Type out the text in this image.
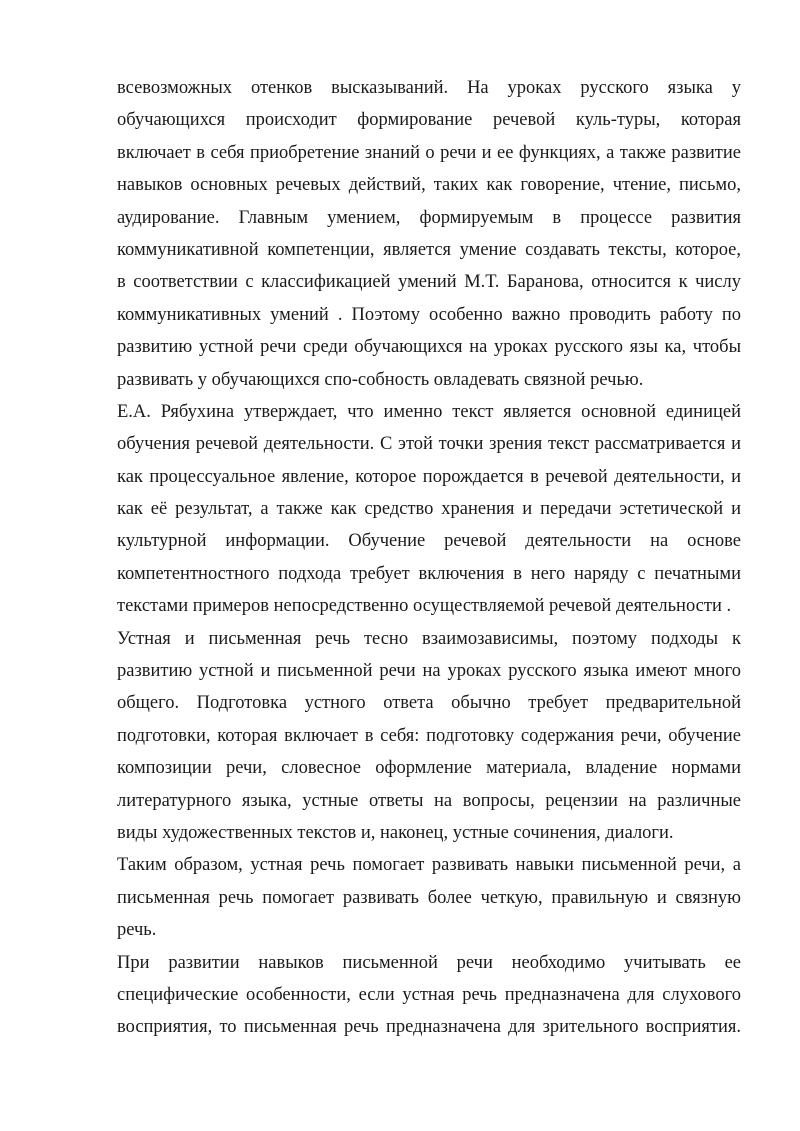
всевозможных отенков высказываний. На уроках русского языка у
обучающихся происходит формирование речевой куль-туры, которая
включает в себя приобретение знаний о речи и ее функциях, а также развитие
навыков основных речевых действий, таких как говорение, чтение, письмо,
аудирование. Главным умением, формируемым в процессе развития
коммуникативной компетенции, является умение создавать тексты, которое,
в соответствии с классификацией умений М.Т. Баранова, относится к числу
коммуникативных умений . Поэтому особенно важно проводить работу по
развитию устной речи среди обучающихся на уроках русского язы ка, чтобы
развивать у обучающихся спо-собность овладевать связной речью.
Е.А. Рябухина утверждает, что именно текст является основной единицей
обучения речевой деятельности. С этой точки зрения текст рассматривается и
как процессуальное явление, которое порождается в речевой деятельности, и
как её результат, а также как средство хранения и передачи эстетической и
культурной информации. Обучение речевой деятельности на основе
компетентностного подхода требует включения в него наряду с печатными
текстами примеров непосредственно осуществляемой речевой деятельности .
Устная и письменная речь тесно взаимозависимы, поэтому подходы к
развитию устной и письменной речи на уроках русского языка имеют много
общего. Подготовка устного ответа обычно требует предварительной
подготовки, которая включает в себя: подготовку содержания речи, обучение
композиции речи, словесное оформление материала, владение нормами
литературного языка, устные ответы на вопросы, рецензии на различные
виды художественных текстов и, наконец, устные сочинения, диалоги.
Таким образом, устная речь помогает развивать навыки письменной речи, а
письменная речь помогает развивать более четкую, правильную и связную
речь.
При развитии навыков письменной речи необходимо учитывать ее
специфические особенности, если устная речь предназначена для слухового
восприятия, то письменная речь предназначена для зрительного восприятия.
